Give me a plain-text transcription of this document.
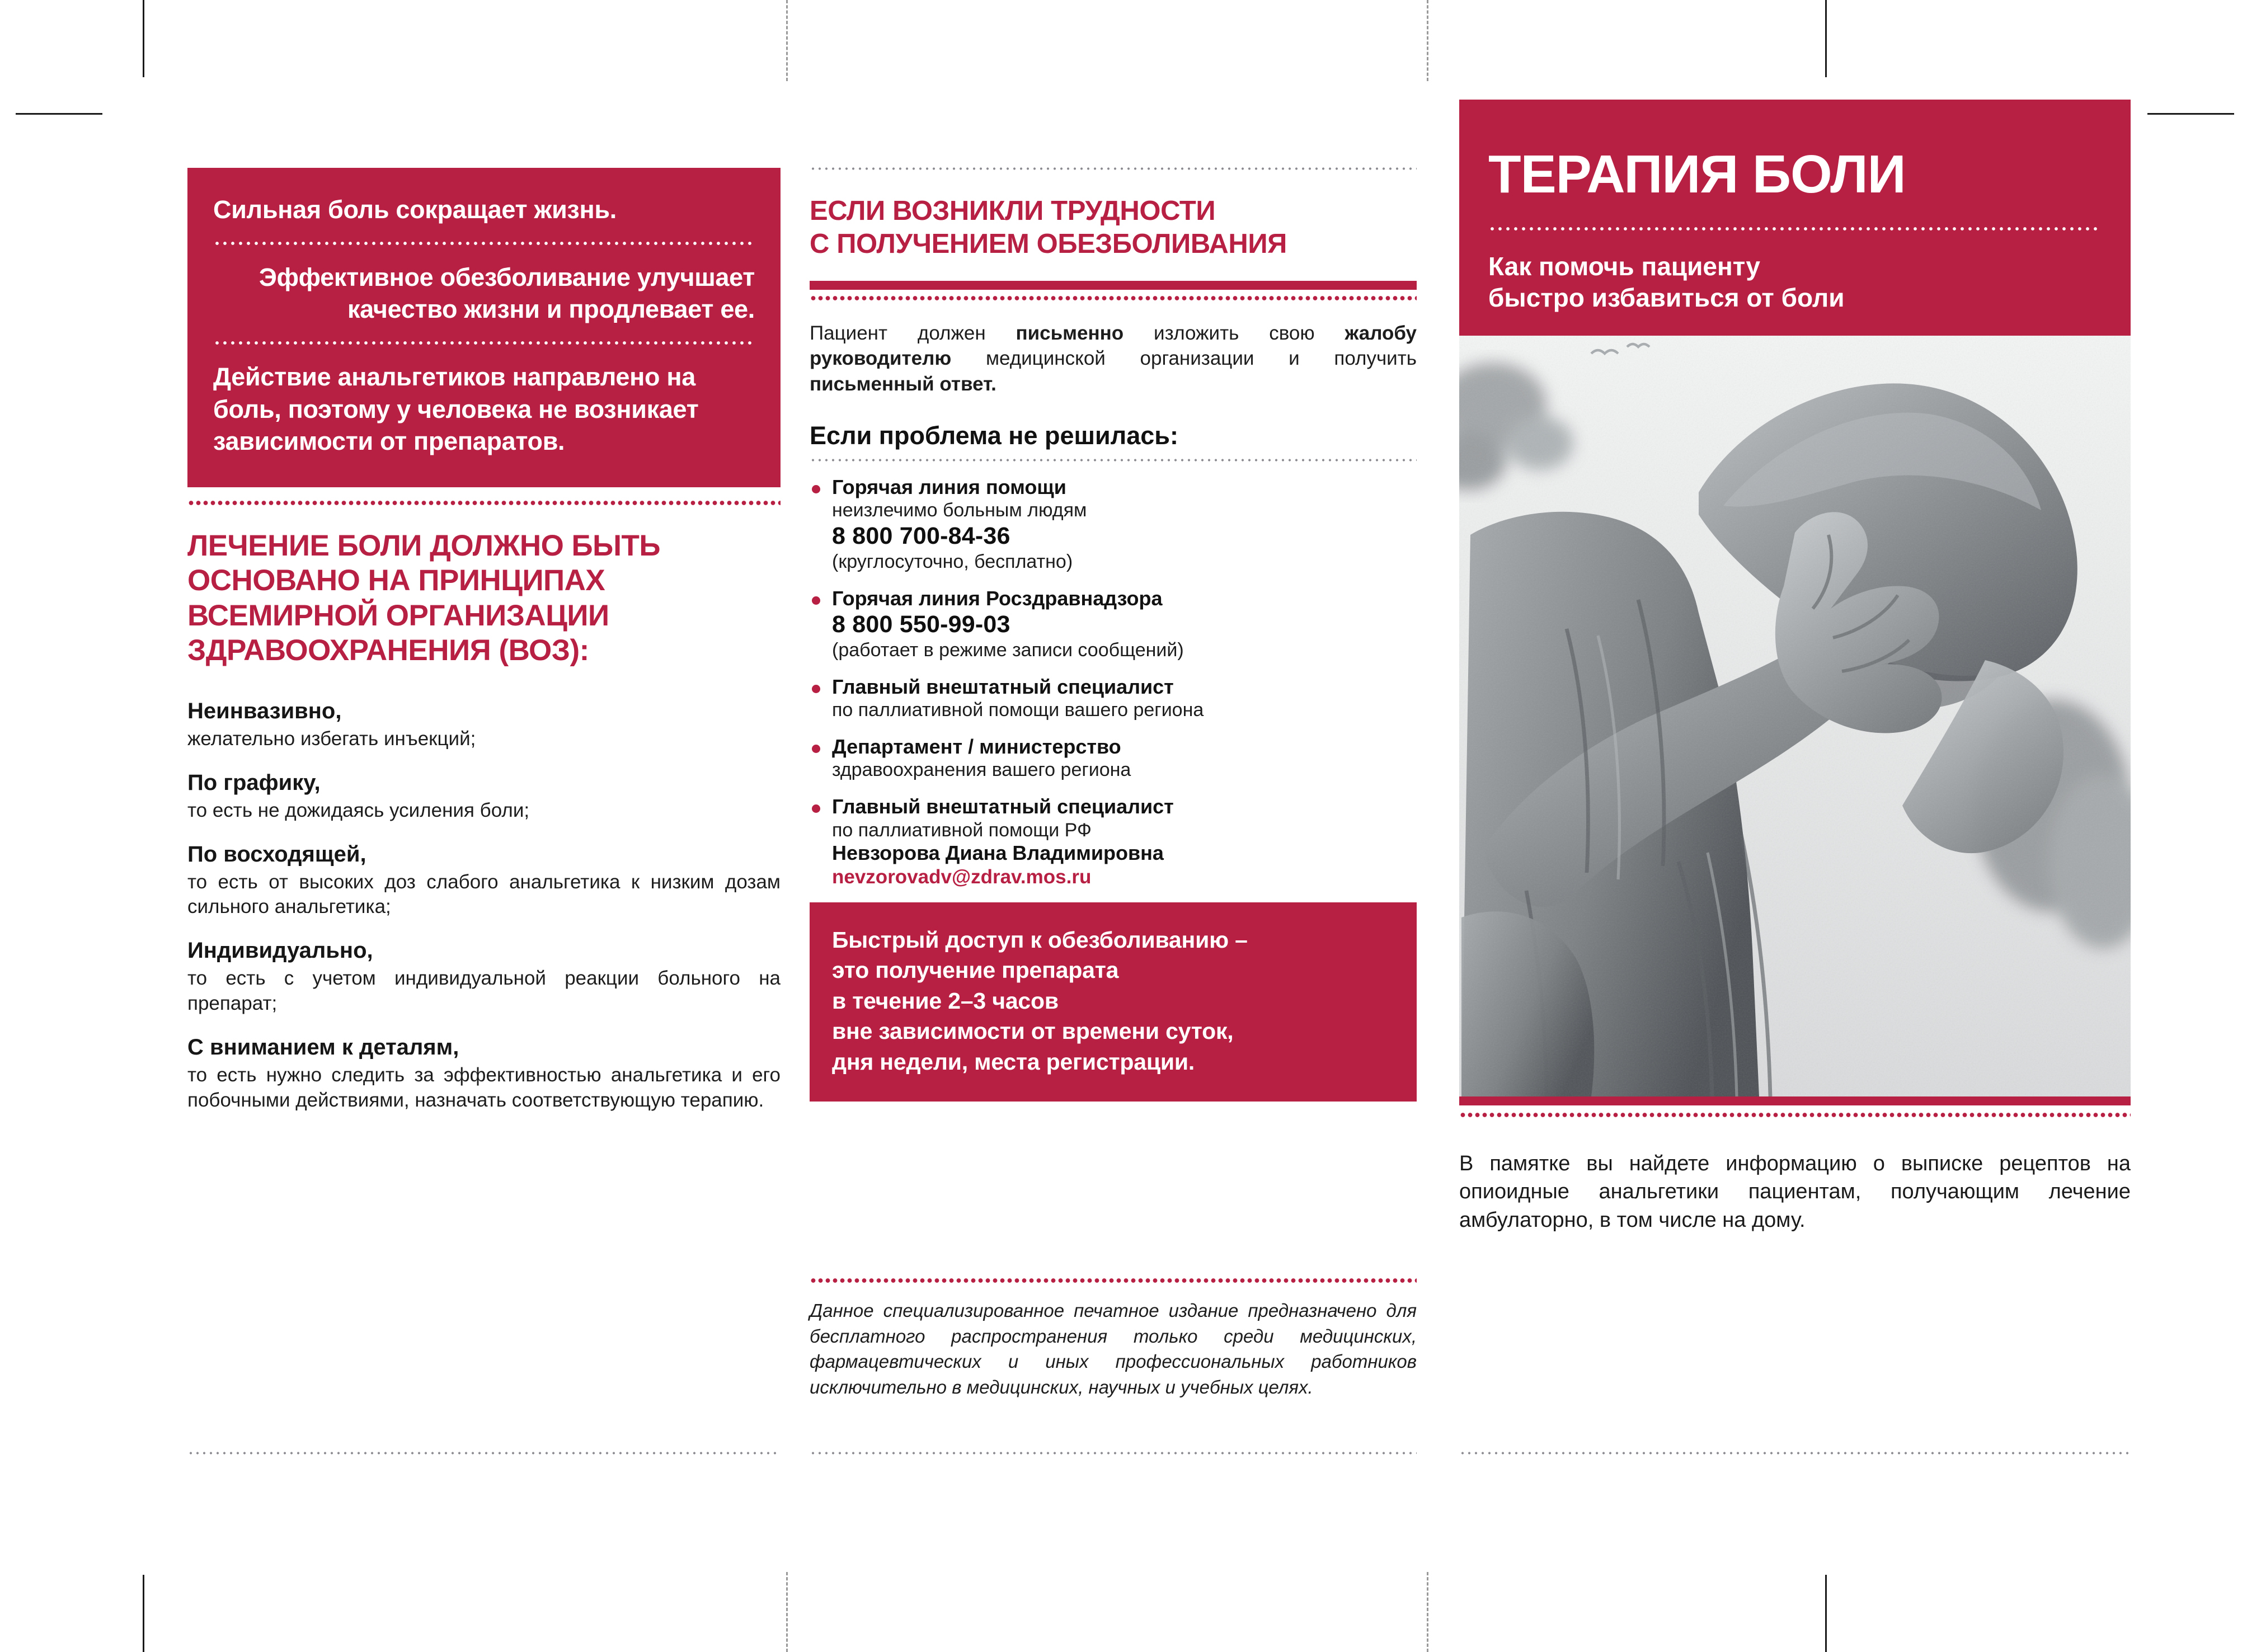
Сильная боль сокращает жизнь.
Эффективное обезболивание улучшает качество жизни и продлевает ее.
Действие анальгетиков направлено на боль, поэтому у человека не возникает зависимости от препаратов.
ЛЕЧЕНИЕ БОЛИ ДОЛЖНО БЫТЬ ОСНОВАНО НА ПРИНЦИПАХ ВСЕМИРНОЙ ОРГАНИЗАЦИИ ЗДРАВООХРАНЕНИЯ (ВОЗ):
Неинвазивно,
желательно избегать инъекций;
По графику,
то есть не дожидаясь усиления боли;
По восходящей,
то есть от высоких доз слабого анальгетика к низким дозам сильного анальгетика;
Индивидуально,
то есть с учетом индивидуальной реакции больного на препарат;
С вниманием к деталям,
то есть нужно следить за эффективностью анальгетика и его побочными действиями, назначать соответствующую терапию.
ЕСЛИ ВОЗНИКЛИ ТРУДНОСТИ
С ПОЛУЧЕНИЕМ ОБЕЗБОЛИВАНИЯ

Пациент должен письменно изложить свою жалобу руководителю медицинской организации и получить письменный ответ.

Если проблема не решилась:
Горячая линия помощи
неизлечимо больным людям
8 800 700-84-36
(круглосуточно, бесплатно)
Горячая линия Росздравнадзора
8 800 550-99-03
(работает в режиме записи сообщений)
Главный внештатный специалист
по паллиативной помощи вашего региона
Департамент / министерство
здравоохранения вашего региона
Главный внештатный специалист
по паллиативной помощи РФ
Невзорова Диана Владимировна
nevzorovadv@zdrav.mos.ru

Быстрый доступ к обезболиванию –

это получение препарата

в течение 2–3 часов

вне зависимости от времени суток,

дня недели, места регистрации.

Данное специализированное печатное издание предназначено для бесплатного распространения только среди медицинских, фармацевтических и иных профессиональных работников исключительно в медицинских, научных и учебных целях.

ТЕРАПИЯ БОЛИ
Как помочь пациенту
быстро избавиться от боли

В памятке вы найдете информацию о выписке рецептов на опиоидные анальгетики пациентам, получающим лечение амбулаторно, в том числе на дому.
